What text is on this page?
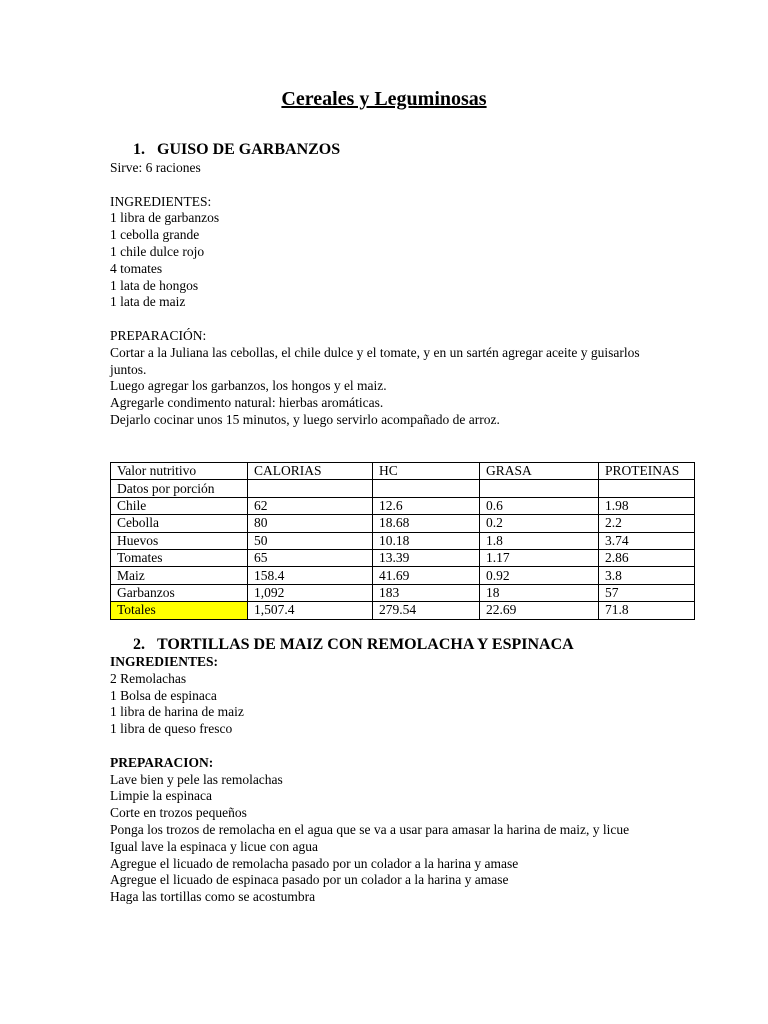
Cereales y Leguminosas
1. GUISO DE GARBANZOS
Sirve: 6 raciones

INGREDIENTES:
1 libra de garbanzos
1 cebolla grande
1 chile dulce rojo
4 tomates
1 lata de hongos
1 lata de maiz

PREPARACIÓN:
Cortar a la Juliana las cebollas, el chile dulce y el tomate, y en un sartén agregar aceite y guisarlos juntos.
Luego agregar los garbanzos, los hongos y el maiz.
Agregarle condimento natural: hierbas aromáticas.
Dejarlo cocinar unos 15 minutos, y luego servirlo acompañado de arroz.
Valor nutritivo	CALORIAS	HC	GRASA	PROTEINAS
Datos por porción				
Chile	62	12.6	0.6	1.98
Cebolla	80	18.68	0.2	2.2
Huevos	50	10.18	1.8	3.74
Tomates	65	13.39	1.17	2.86
Maiz	158.4	41.69	0.92	3.8
Garbanzos	1,092	183	18	57
Totales	1,507.4	279.54	22.69	71.8
2. TORTILLAS DE MAIZ CON REMOLACHA Y ESPINACA
INGREDIENTES:
2 Remolachas
1 Bolsa de espinaca
1 libra de harina de maiz
1 libra de queso fresco

PREPARACION:
Lave bien y pele las remolachas
Limpie la espinaca
Corte en trozos pequeños
Ponga los trozos de remolacha en el agua que se va a usar para amasar la harina de maiz, y licue
Igual lave la espinaca y licue con agua
Agregue el licuado de remolacha pasado por un colador a la harina y amase
Agregue el licuado de espinaca pasado por un colador a la harina y amase
Haga las tortillas como se acostumbra
